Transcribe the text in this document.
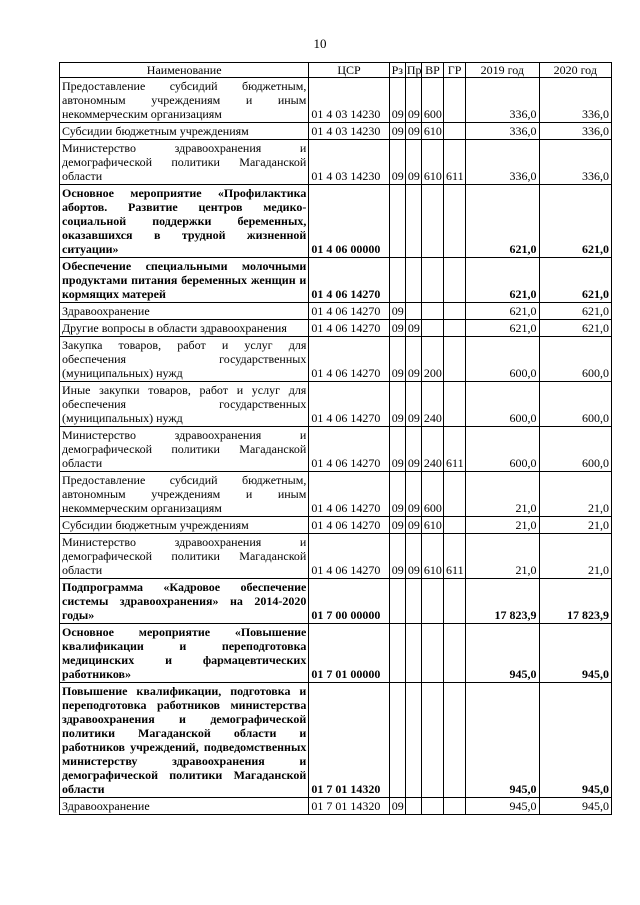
10
Наименование	ЦСР	Рз	Пр	ВР	ГР	2019 год	2020 год
Предоставление субсидий бюджетным, автономным учреждениям и иным некоммерческим организациям	01 4 03 14230	09	09	600		336,0	336,0
Субсидии бюджетным учреждениям	01 4 03 14230	09	09	610		336,0	336,0
Министерство здравоохранения и демографической политики Магаданской области	01 4 03 14230	09	09	610	611	336,0	336,0
Основное мероприятие «Профилактика абортов. Развитие центров медико-социальной поддержки беременных, оказавшихся в трудной жизненной ситуации»	01 4 06 00000					621,0	621,0
Обеспечение специальными молочными продуктами питания беременных женщин и кормящих матерей	01 4 06 14270					621,0	621,0
Здравоохранение	01 4 06 14270	09				621,0	621,0
Другие вопросы в области здравоохранения	01 4 06 14270	09	09			621,0	621,0
Закупка товаров, работ и услуг для обеспечения государственных (муниципальных) нужд	01 4 06 14270	09	09	200		600,0	600,0
Иные закупки товаров, работ и услуг для обеспечения государственных (муниципальных) нужд	01 4 06 14270	09	09	240		600,0	600,0
Министерство здравоохранения и демографической политики Магаданской области	01 4 06 14270	09	09	240	611	600,0	600,0
Предоставление субсидий бюджетным, автономным учреждениям и иным некоммерческим организациям	01 4 06 14270	09	09	600		21,0	21,0
Субсидии бюджетным учреждениям	01 4 06 14270	09	09	610		21,0	21,0
Министерство здравоохранения и демографической политики Магаданской области	01 4 06 14270	09	09	610	611	21,0	21,0
Подпрограмма «Кадровое обеспечение системы здравоохранения» на 2014-2020 годы»	01 7 00 00000					17 823,9	17 823,9
Основное мероприятие «Повышение квалификации и переподготовка медицинских и фармацевтических работников»	01 7 01 00000					945,0	945,0
Повышение квалификации, подготовка и переподготовка работников министерства здравоохранения и демографической политики Магаданской области и работников учреждений, подведомственных министерству здравоохранения и демографической политики Магаданской области	01 7 01 14320					945,0	945,0
Здравоохранение	01 7 01 14320	09				945,0	945,0
